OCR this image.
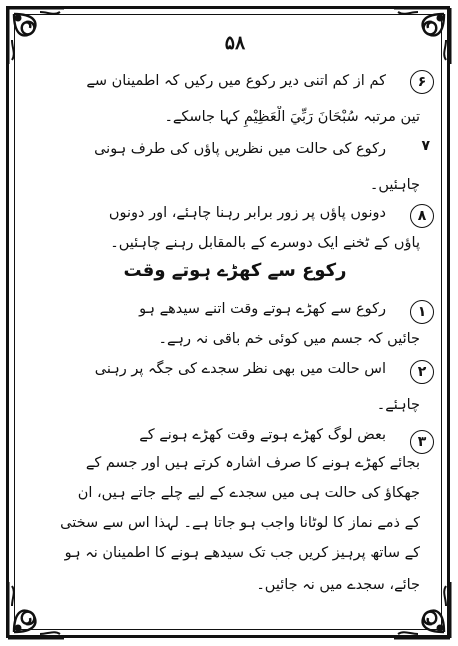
۵۸
۶
کم از کم اتنی دیر رکوع میں رکیں کہ اطمینان سے
تین مرتبہ سُبْحَانَ رَبِّيَ الْعَظِيْمِ کہا جاسکے۔
۷
رکوع کی حالت میں نظریں پاؤں کی طرف ہونی
چاہئیں۔
۸
دونوں پاؤں پر زور برابر رہنا چاہئے، اور دونوں
پاؤں کے ٹخنے ایک دوسرے کے بالمقابل رہنے چاہئیں۔
رکوع سے کھڑے ہوتے وقت
۱
رکوع سے کھڑے ہوتے وقت اتنے سیدھے ہو
جائیں کہ جسم میں کوئی خم باقی نہ رہے۔
۲
اس حالت میں بھی نظر سجدے کی جگہ پر رہنی
چاہئے۔
۳
بعض لوگ کھڑے ہوتے وقت کھڑے ہونے کے
بجائے کھڑے ہونے کا صرف اشارہ کرتے ہیں اور جسم کے
جھکاؤ کی حالت ہی میں سجدے کے لیے چلے جاتے ہیں، ان
کے ذمے نماز کا لوٹانا واجب ہو جاتا ہے۔ لہذا اس سے سختی
کے ساتھ پرہیز کریں جب تک سیدھے ہونے کا اطمینان نہ ہو
جائے، سجدے میں نہ جائیں۔
